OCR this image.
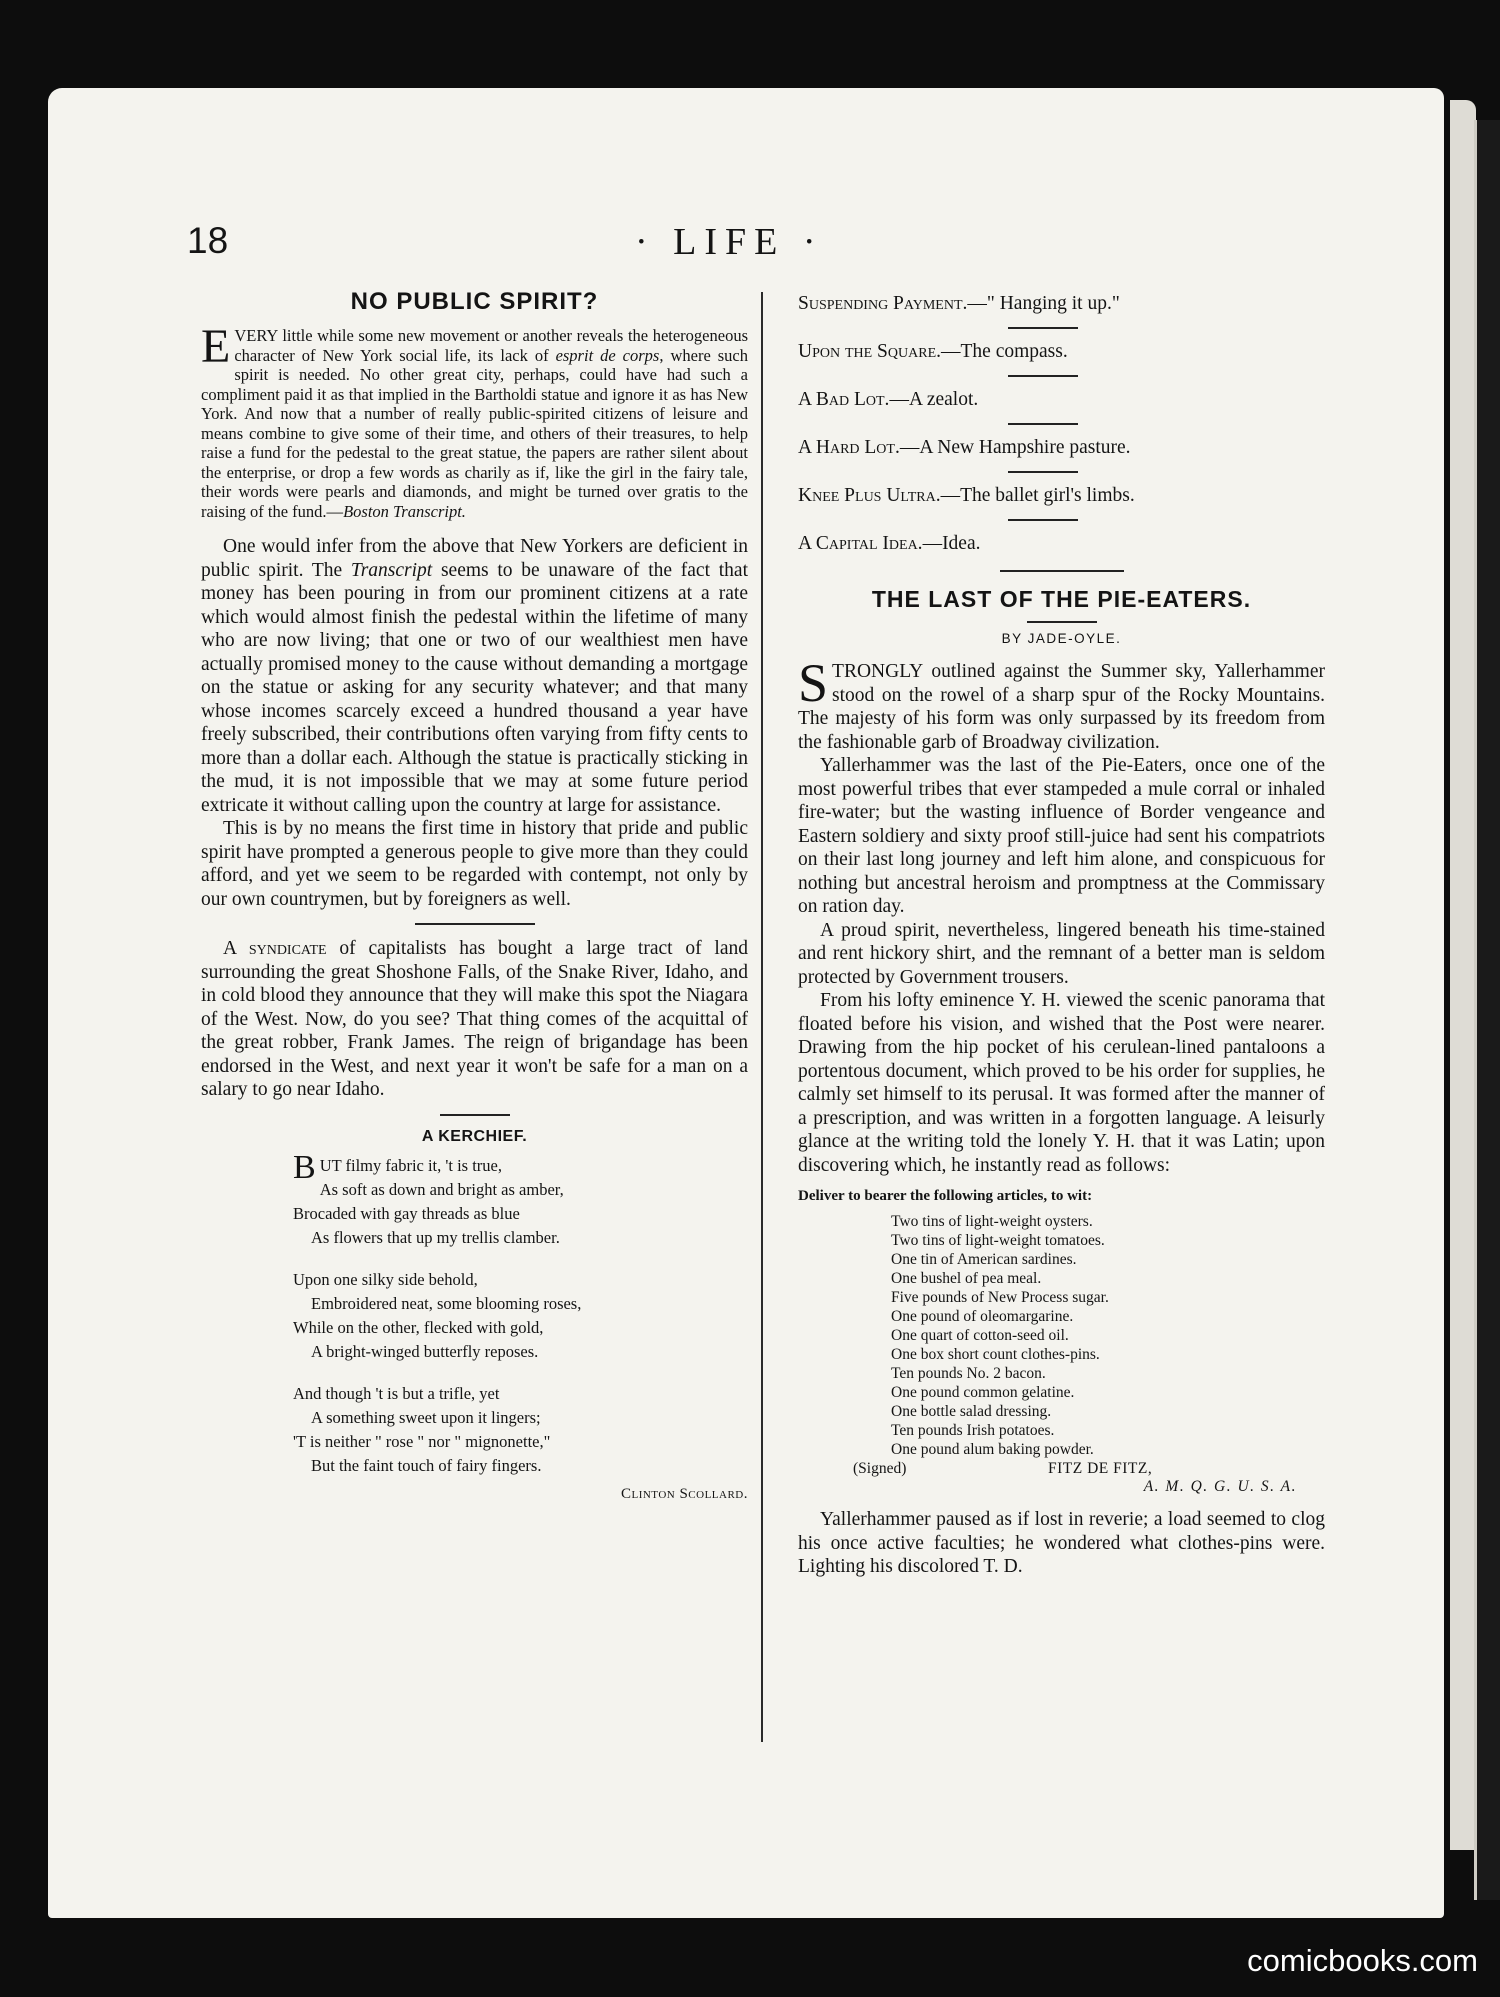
18	· LIFE ·
NO PUBLIC SPIRIT?
EVERY little while some new movement or another reveals the heterogeneous character of New York social life, its lack of esprit de corps, where such spirit is needed. No other great city, perhaps, could have had such a compliment paid it as that implied in the Bartholdi statue and ignore it as has New York. And now that a number of really public-spirited citizens of leisure and means combine to give some of their time, and others of their treasures, to help raise a fund for the pedestal to the great statue, the papers are rather silent about the enterprise, or drop a few words as charily as if, like the girl in the fairy tale, their words were pearls and diamonds, and might be turned over gratis to the raising of the fund.—Boston Transcript.

One would infer from the above that New Yorkers are deficient in public spirit. The Transcript seems to be unaware of the fact that money has been pouring in from our prominent citizens at a rate which would almost finish the pedestal within the lifetime of many who are now living; that one or two of our wealthiest men have actually promised money to the cause without demanding a mortgage on the statue or asking for any security whatever; and that many whose incomes scarcely exceed a hundred thousand a year have freely subscribed, their contributions often varying from fifty cents to more than a dollar each. Although the statue is practically sticking in the mud, it is not impossible that we may at some future period extricate it without calling upon the country at large for assistance.

This is by no means the first time in history that pride and public spirit have prompted a generous people to give more than they could afford, and yet we seem to be regarded with contempt, not only by our own countrymen, but by foreigners as well.

A syndicate of capitalists has bought a large tract of land surrounding the great Shoshone Falls, of the Snake River, Idaho, and in cold blood they announce that they will make this spot the Niagara of the West. Now, do you see? That thing comes of the acquittal of the great robber, Frank James. The reign of brigandage has been endorsed in the West, and next year it won't be safe for a man on a salary to go near Idaho.

A KERCHIEF.
BUT filmy fabric it, 't is true,
As soft as down and bright as amber,
Brocaded with gay threads as blue
As flowers that up my trellis clamber.
Upon one silky side behold,
Embroidered neat, some blooming roses,
While on the other, flecked with gold,
A bright-winged butterfly reposes.
And though 't is but a trifle, yet
A something sweet upon it lingers;
'T is neither " rose " nor " mignonette,"
But the faint touch of fairy fingers.
Clinton Scollard.

Suspending Payment.—" Hanging it up."

Upon the Square.—The compass.

A Bad Lot.—A zealot.

A Hard Lot.—A New Hampshire pasture.

Knee Plus Ultra.—The ballet girl's limbs.

A Capital Idea.—Idea.

THE LAST OF THE PIE-EATERS.
BY JADE-OYLE.

STRONGLY outlined against the Summer sky, Yallerhammer stood on the rowel of a sharp spur of the Rocky Mountains. The majesty of his form was only surpassed by its freedom from the fashionable garb of Broadway civilization.

Yallerhammer was the last of the Pie-Eaters, once one of the most powerful tribes that ever stampeded a mule corral or inhaled fire-water; but the wasting influence of Border vengeance and Eastern soldiery and sixty proof still-juice had sent his compatriots on their last long journey and left him alone, and conspicuous for nothing but ancestral heroism and promptness at the Commissary on ration day.

A proud spirit, nevertheless, lingered beneath his time-stained and rent hickory shirt, and the remnant of a better man is seldom protected by Government trousers.

From his lofty eminence Y. H. viewed the scenic panorama that floated before his vision, and wished that the Post were nearer. Drawing from the hip pocket of his cerulean-lined pantaloons a portentous document, which proved to be his order for supplies, he calmly set himself to its perusal. It was formed after the manner of a prescription, and was written in a forgotten language. A leisurly glance at the writing told the lonely Y. H. that it was Latin; upon discovering which, he instantly read as follows:

Deliver to bearer the following articles, to wit:
Two tins of light-weight oysters.
Two tins of light-weight tomatoes.
One tin of American sardines.
One bushel of pea meal.
Five pounds of New Process sugar.
One pound of oleomargarine.
One quart of cotton-seed oil.
One box short count clothes-pins.
Ten pounds No. 2 bacon.
One pound common gelatine.
One bottle salad dressing.
Ten pounds Irish potatoes.
One pound alum baking powder.
(Signed)	FITZ DE FITZ,
A. M. Q. G. U. S. A.

Yallerhammer paused as if lost in reverie; a load seemed to clog his once active faculties; he wondered what clothes-pins were. Lighting his discolored T. D.

comicbooks.com
